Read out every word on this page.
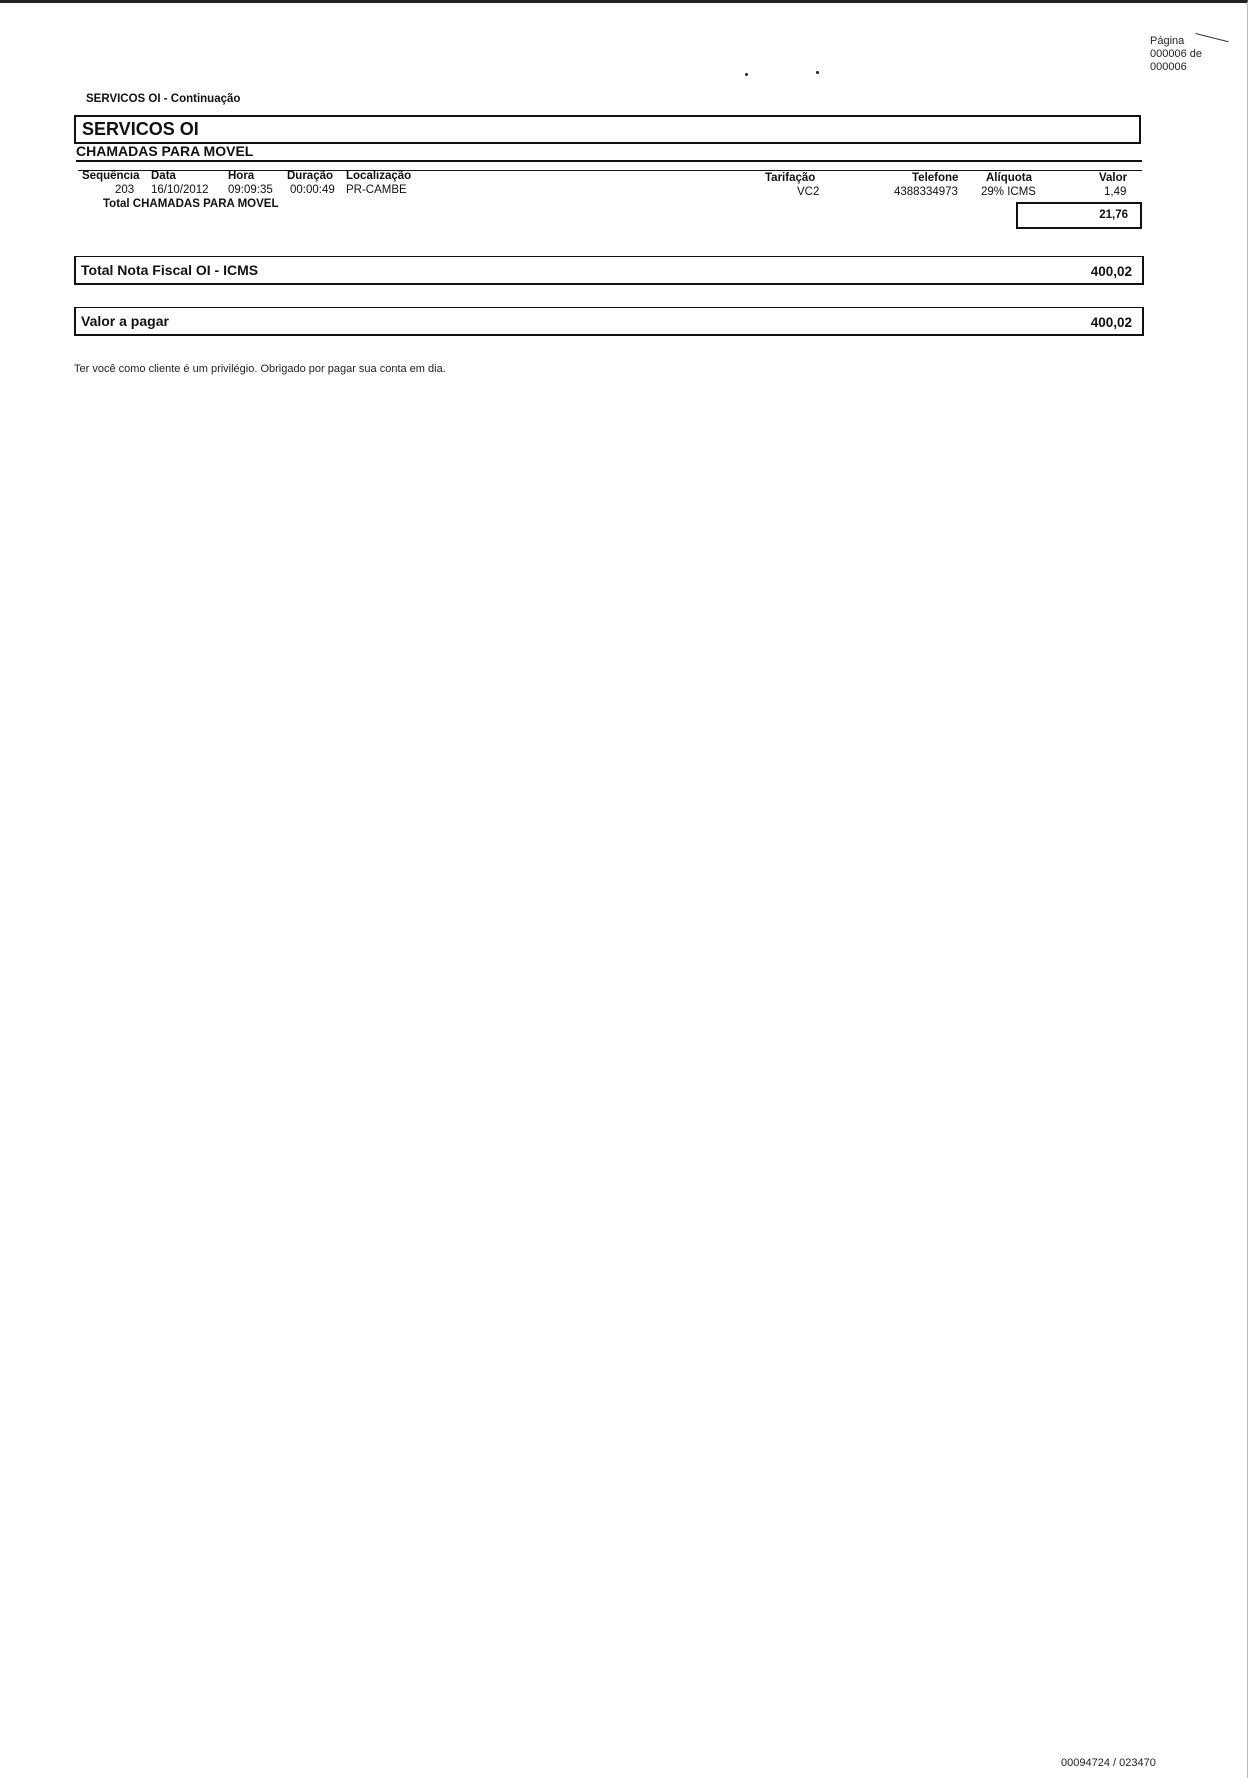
Página
000006 de
000006
SERVICOS OI - Continuação
SERVICOS OI
CHAMADAS PARA MOVEL
Sequência Data	Hora	Duração Localização	Tarifação	Telefone Alíquota	Valor
203 16/10/2012 09:09:35 00:00:49 PR-CAMBE	VC2	4388334973 29% ICMS	1,49
Total CHAMADAS PARA MOVEL
21,76
Total Nota Fiscal OI - ICMS	400,02
Valor a pagar	400,02
Ter você como cliente é um privilégio. Obrigado por pagar sua conta em dia.
00094724 / 023470
